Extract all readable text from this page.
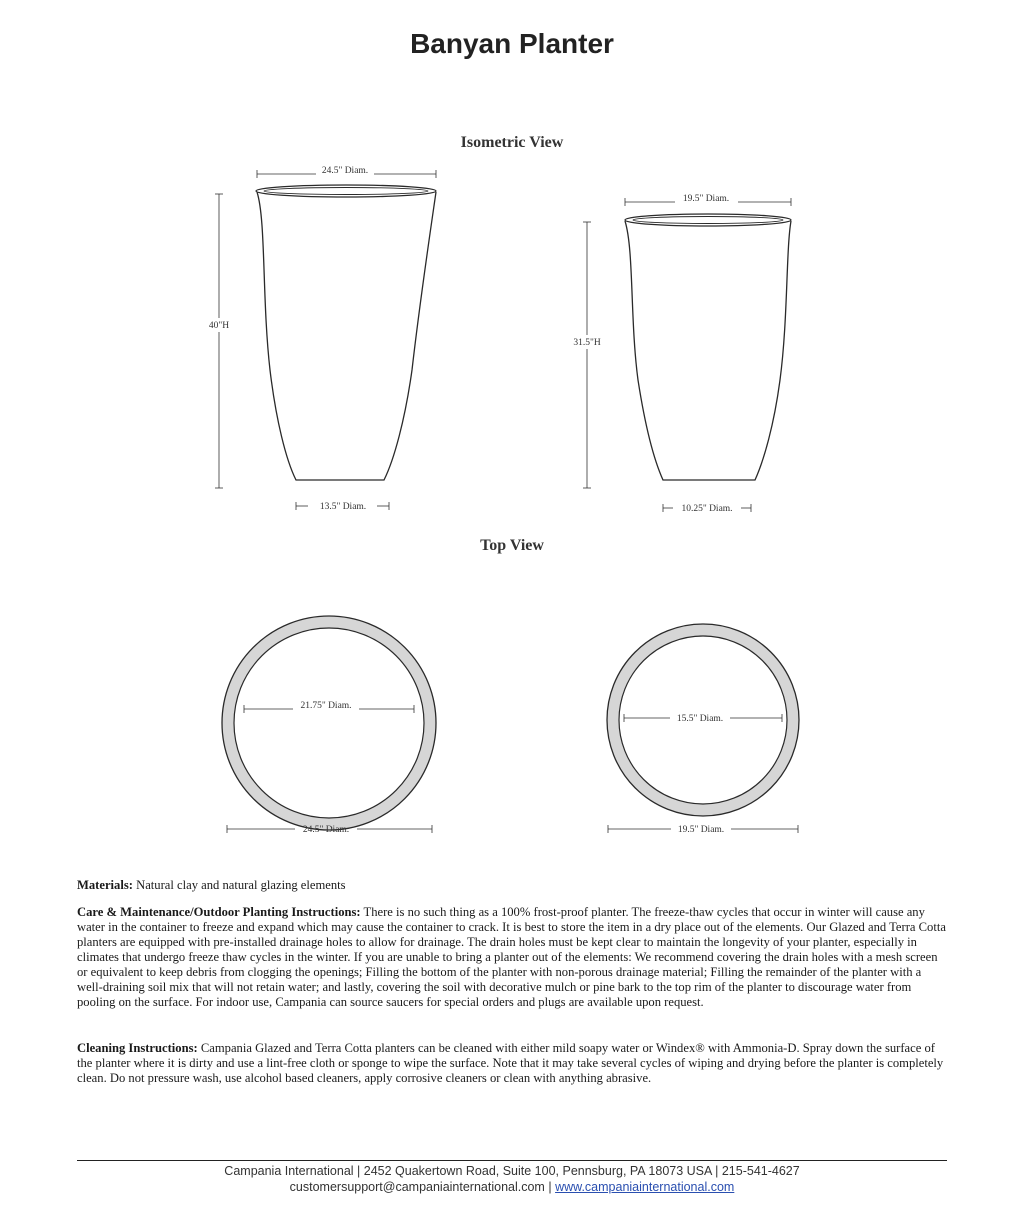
Banyan Planter
Isometric View
Top View
24.5" Diam.
40"H
13.5" Diam.
19.5" Diam.
31.5"H
10.25" Diam.
21.75" Diam.
24.5" Diam.
15.5" Diam.
19.5" Diam.

Materials: Natural clay and natural glazing elements

Care & Maintenance/Outdoor Planting Instructions: There is no such thing as a 100% frost-proof planter. The freeze-thaw cycles that occur in winter will cause any water in the container to freeze and expand which may cause the container to crack. It is best to store the item in a dry place out of the elements. Our Glazed and Terra Cotta planters are equipped with pre-installed drainage holes to allow for drainage. The drain holes must be kept clear to maintain the longevity of your planter, especially in climates that undergo freeze thaw cycles in the winter. If you are unable to bring a planter out of the elements: We recommend covering the drain holes with a mesh screen or equivalent to keep debris from clogging the openings; Filling the bottom of the planter with non-porous drainage material; Filling the remainder of the planter with a well-draining soil mix that will not retain water; and lastly, covering the soil with decorative mulch or pine bark to the top rim of the planter to discourage water from pooling on the surface. For indoor use, Campania can source saucers for special orders and plugs are available upon request.

Cleaning Instructions: Campania Glazed and Terra Cotta planters can be cleaned with either mild soapy water or Windex® with Ammonia-D. Spray down the surface of the planter where it is dirty and use a lint-free cloth or sponge to wipe the surface. Note that it may take several cycles of wiping and drying before the planter is completely clean. Do not pressure wash, use alcohol based cleaners, apply corrosive cleaners or clean with anything abrasive.

Campania International | 2452 Quakertown Road, Suite 100, Pennsburg, PA 18073 USA | 215-541-4627

customersupport@campaniainternational.com | www.campaniainternational.com
